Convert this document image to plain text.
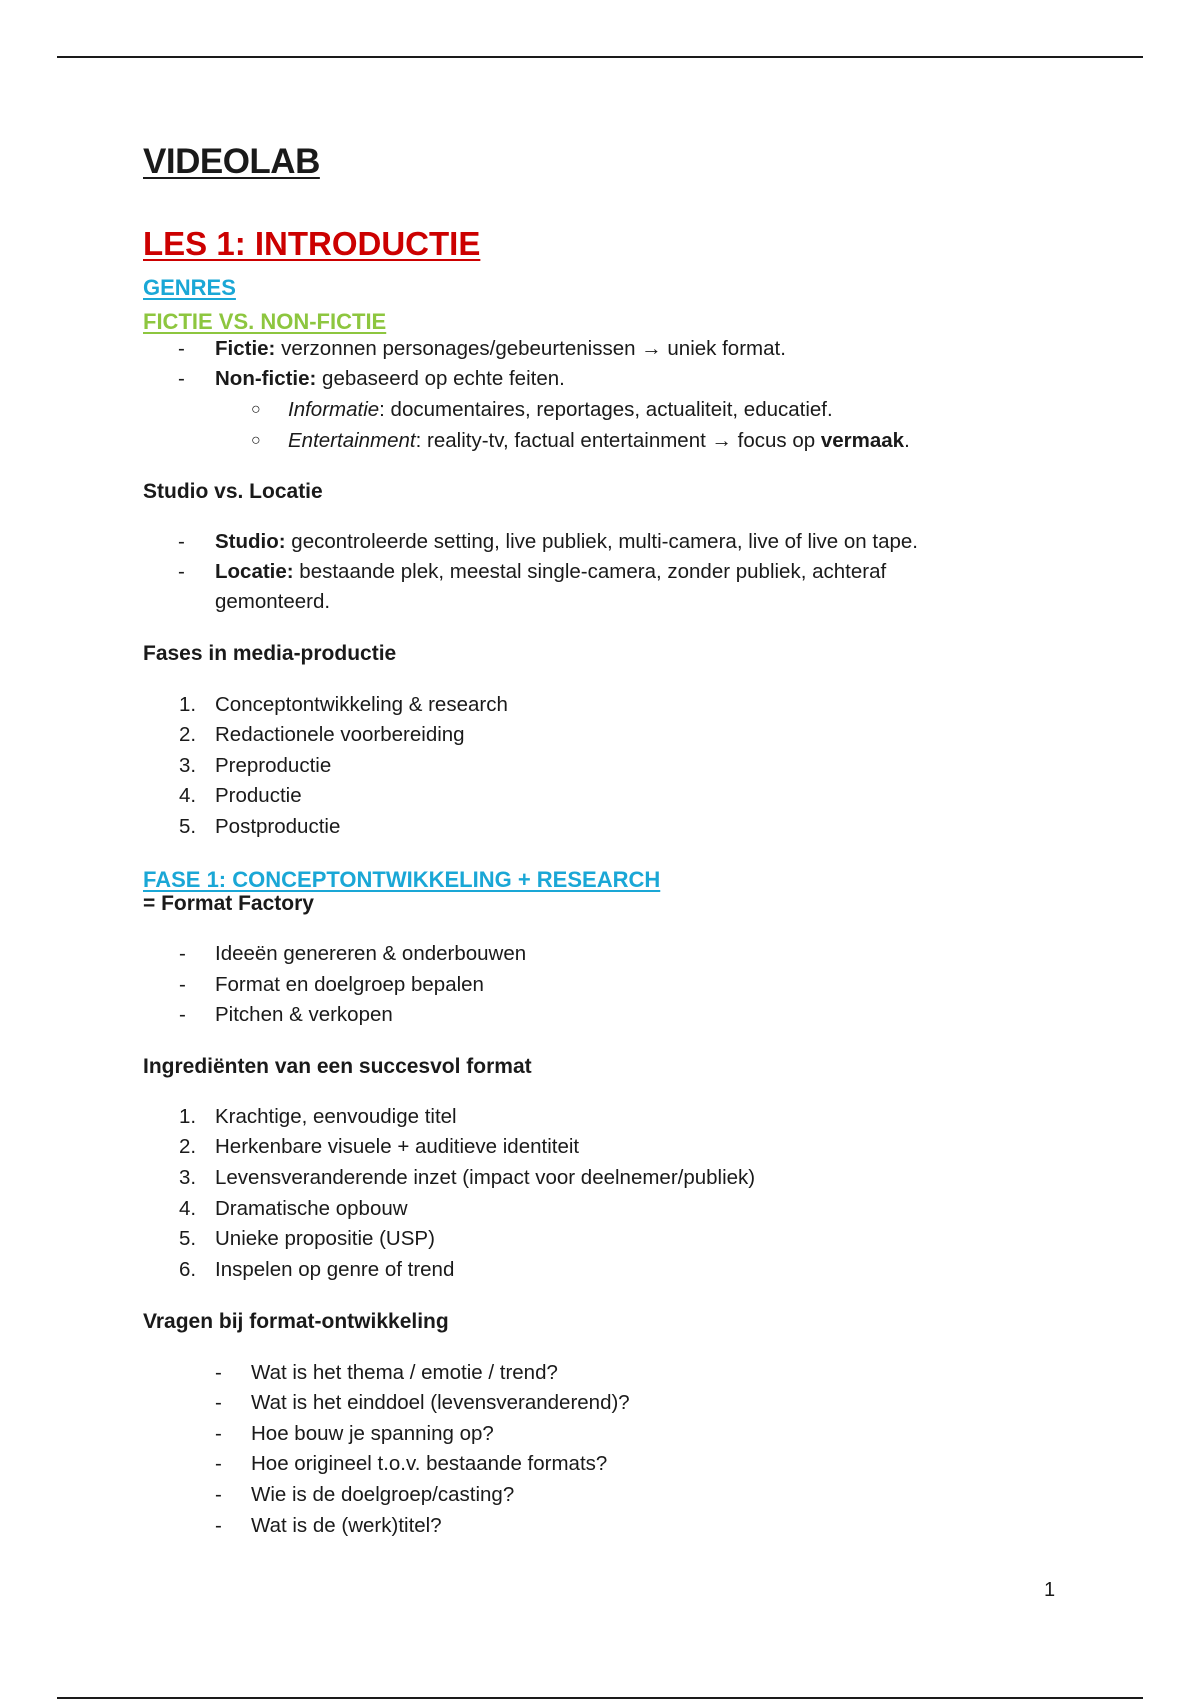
VIDEOLAB
LES 1: INTRODUCTIE
GENRES
FICTIE VS. NON-FICTIE
- Fictie: verzonnen personages/gebeurtenissen → uniek format.
- Non-fictie: gebaseerd op echte feiten.
○ Informatie: documentaires, reportages, actualiteit, educatief.
○ Entertainment: reality-tv, factual entertainment → focus op vermaak.
Studio vs. Locatie
- Studio: gecontroleerde setting, live publiek, multi-camera, live of live on tape.
- Locatie: bestaande plek, meestal single-camera, zonder publiek, achteraf
gemonteerd.
Fases in media-productie
1. Conceptontwikkeling & research
2. Redactionele voorbereiding
3. Preproductie
4. Productie
5. Postproductie
FASE 1: CONCEPTONTWIKKELING + RESEARCH
= Format Factory
- Ideeën genereren & onderbouwen
- Format en doelgroep bepalen
- Pitchen & verkopen
Ingrediënten van een succesvol format
1. Krachtige, eenvoudige titel
2. Herkenbare visuele + auditieve identiteit
3. Levensveranderende inzet (impact voor deelnemer/publiek)
4. Dramatische opbouw
5. Unieke propositie (USP)
6. Inspelen op genre of trend
Vragen bij format-ontwikkeling
- Wat is het thema / emotie / trend?
- Wat is het einddoel (levensveranderend)?
- Hoe bouw je spanning op?
- Hoe origineel t.o.v. bestaande formats?
- Wie is de doelgroep/casting?
- Wat is de (werk)titel?
1
